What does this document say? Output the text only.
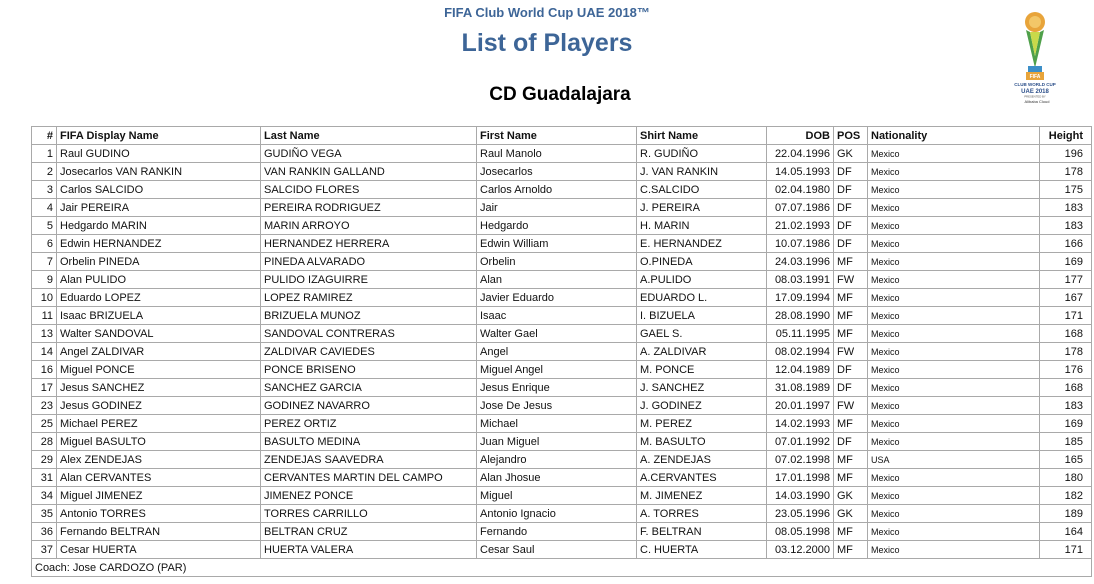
FIFA Club World Cup UAE 2018™
List of Players
CD Guadalajara
FIFA
CLUB WORLD CUP
UAE 2018
PRESENTED BY
Alibaba Cloud
#	FIFA Display Name	Last Name	First Name	Shirt Name	DOB	POS	Nationality	Height
1	Raul GUDINO	GUDIÑO VEGA	Raul Manolo	R. GUDIÑO	22.04.1996	GK	Mexico	196
2	Josecarlos VAN RANKIN	VAN RANKIN GALLAND	Josecarlos	J. VAN RANKIN	14.05.1993	DF	Mexico	178
3	Carlos SALCIDO	SALCIDO FLORES	Carlos Arnoldo	C.SALCIDO	02.04.1980	DF	Mexico	175
4	Jair PEREIRA	PEREIRA RODRIGUEZ	Jair	J. PEREIRA	07.07.1986	DF	Mexico	183
5	Hedgardo MARIN	MARIN ARROYO	Hedgardo	H. MARIN	21.02.1993	DF	Mexico	183
6	Edwin HERNANDEZ	HERNANDEZ HERRERA	Edwin William	E. HERNANDEZ	10.07.1986	DF	Mexico	166
7	Orbelin PINEDA	PINEDA ALVARADO	Orbelin	O.PINEDA	24.03.1996	MF	Mexico	169
9	Alan PULIDO	PULIDO IZAGUIRRE	Alan	A.PULIDO	08.03.1991	FW	Mexico	177
10	Eduardo LOPEZ	LOPEZ RAMIREZ	Javier Eduardo	EDUARDO L.	17.09.1994	MF	Mexico	167
11	Isaac BRIZUELA	BRIZUELA MUNOZ	Isaac	I. BIZUELA	28.08.1990	MF	Mexico	171
13	Walter SANDOVAL	SANDOVAL CONTRERAS	Walter Gael	GAEL S.	05.11.1995	MF	Mexico	168
14	Angel ZALDIVAR	ZALDIVAR CAVIEDES	Angel	A. ZALDIVAR	08.02.1994	FW	Mexico	178
16	Miguel PONCE	PONCE BRISENO	Miguel Angel	M. PONCE	12.04.1989	DF	Mexico	176
17	Jesus SANCHEZ	SANCHEZ GARCIA	Jesus Enrique	J. SANCHEZ	31.08.1989	DF	Mexico	168
23	Jesus GODINEZ	GODINEZ NAVARRO	Jose De Jesus	J. GODINEZ	20.01.1997	FW	Mexico	183
25	Michael PEREZ	PEREZ ORTIZ	Michael	M. PEREZ	14.02.1993	MF	Mexico	169
28	Miguel BASULTO	BASULTO MEDINA	Juan Miguel	M. BASULTO	07.01.1992	DF	Mexico	185
29	Alex ZENDEJAS	ZENDEJAS SAAVEDRA	Alejandro	A. ZENDEJAS	07.02.1998	MF	USA	165
31	Alan CERVANTES	CERVANTES MARTIN DEL CAMPO	Alan Jhosue	A.CERVANTES	17.01.1998	MF	Mexico	180
34	Miguel JIMENEZ	JIMENEZ PONCE	Miguel	M. JIMENEZ	14.03.1990	GK	Mexico	182
35	Antonio TORRES	TORRES CARRILLO	Antonio Ignacio	A. TORRES	23.05.1996	GK	Mexico	189
36	Fernando BELTRAN	BELTRAN CRUZ	Fernando	F. BELTRAN	08.05.1998	MF	Mexico	164
37	Cesar HUERTA	HUERTA VALERA	Cesar Saul	C. HUERTA	03.12.2000	MF	Mexico	171
Coach: Jose CARDOZO (PAR)								
